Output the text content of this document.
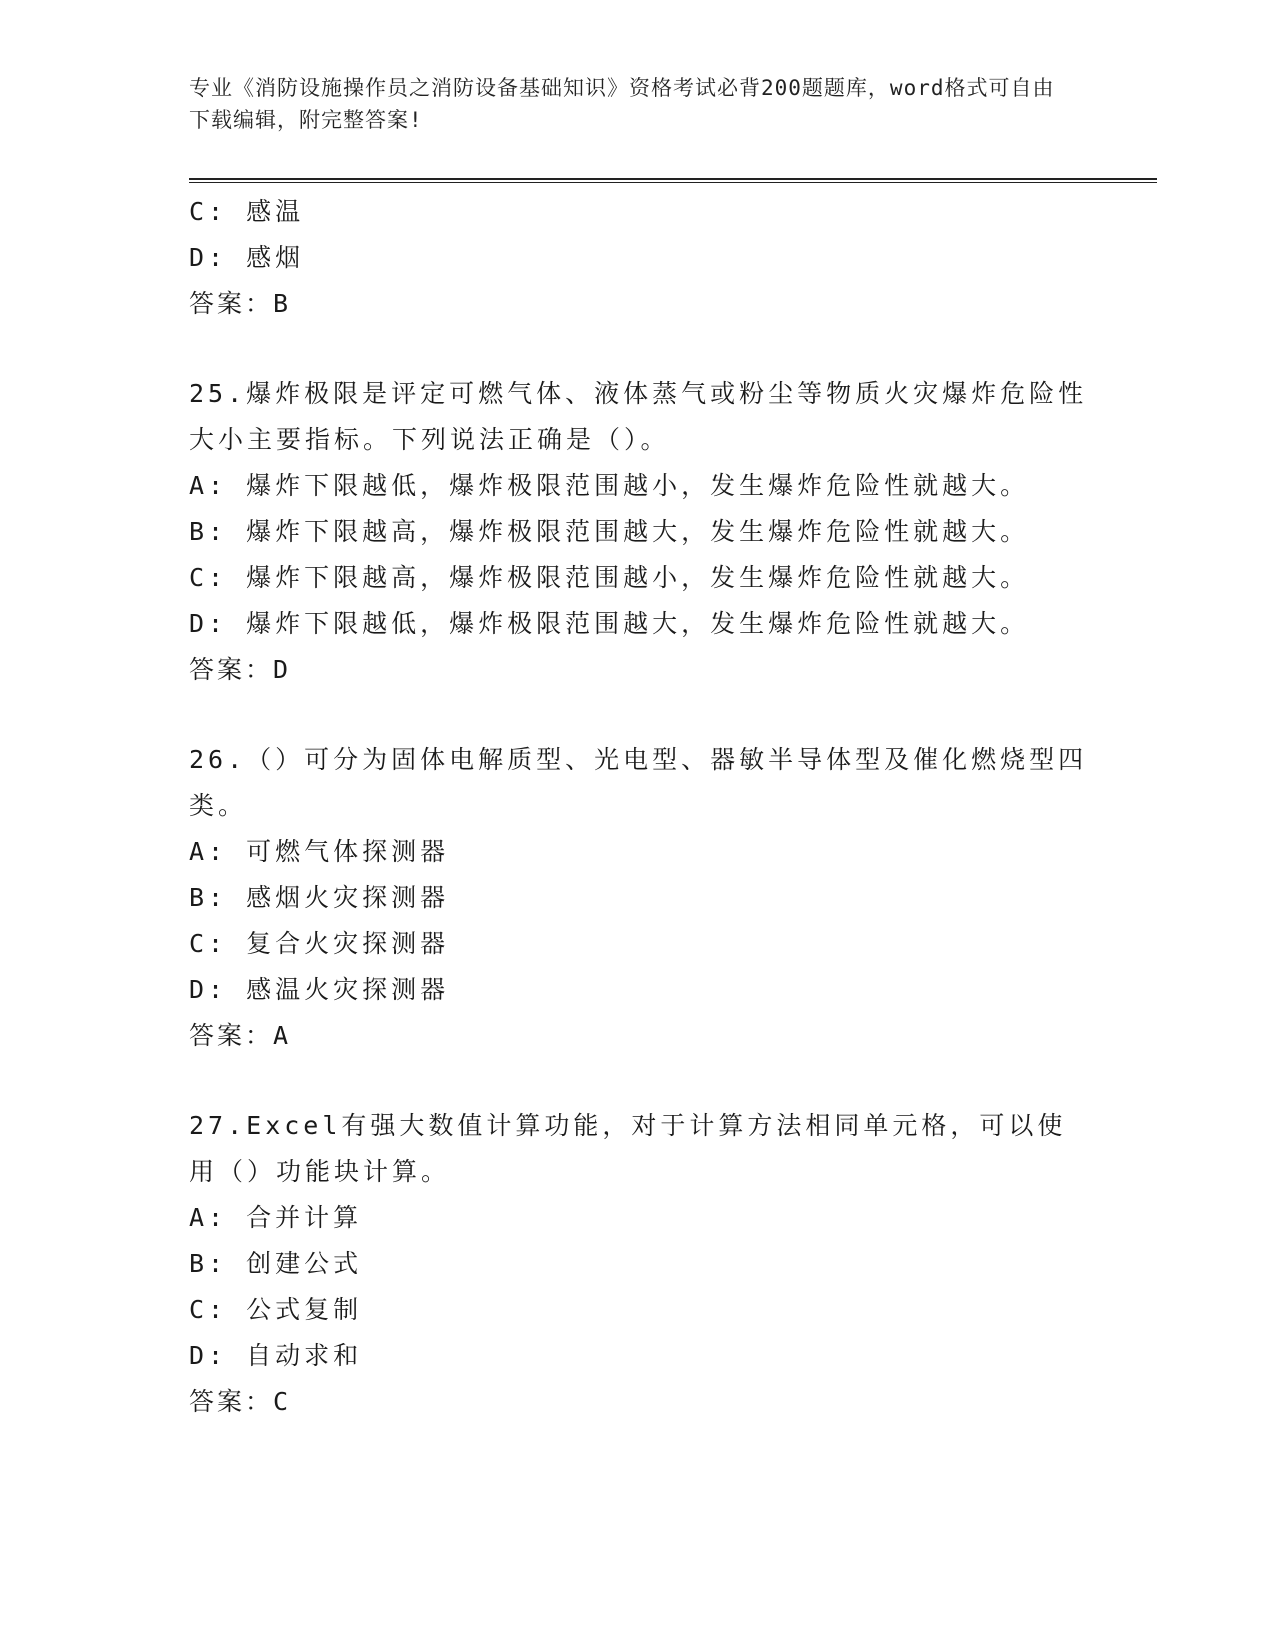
专业《消防设施操作员之消防设备基础知识》资格考试必背200题题库，word格式可自由下载编辑，附完整答案!
C: 感温
D: 感烟
答案：B
25.爆炸极限是评定可燃气体、液体蒸气或粉尘等物质火灾爆炸危险性大小主要指标。下列说法正确是（）。
A: 爆炸下限越低，爆炸极限范围越小，发生爆炸危险性就越大。
B: 爆炸下限越高，爆炸极限范围越大，发生爆炸危险性就越大。
C: 爆炸下限越高，爆炸极限范围越小，发生爆炸危险性就越大。
D: 爆炸下限越低，爆炸极限范围越大，发生爆炸危险性就越大。
答案：D
26.（）可分为固体电解质型、光电型、器敏半导体型及催化燃烧型四类。
A: 可燃气体探测器
B: 感烟火灾探测器
C: 复合火灾探测器
D: 感温火灾探测器
答案：A
27.Excel有强大数值计算功能，对于计算方法相同单元格，可以使用（）功能块计算。
A: 合并计算
B: 创建公式
C: 公式复制
D: 自动求和
答案：C
